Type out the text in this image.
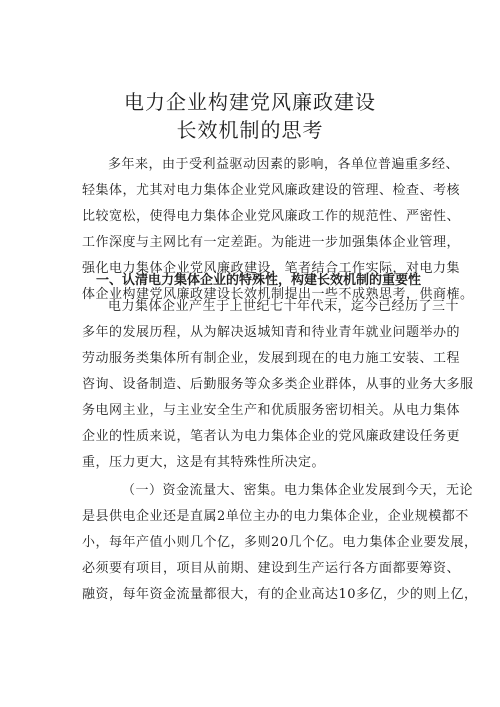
电力企业构建党风廉政建设
长效机制的思考
多年来，由于受利益驱动因素的影响，各单位普遍重多经、
轻集体，尤其对电力集体企业党风廉政建设的管理、检查、考核
比较宽松，使得电力集体企业党风廉政工作的规范性、严密性、
工作深度与主网比有一定差距。为能进一步加强集体企业管理，
强化电力集体企业党风廉政建设，笔者结合工作实际，对电力集
体企业构建党风廉政建设长效机制提出一些不成熟思考，供商榷。
一、认清电力集体企业的特殊性，构建长效机制的重要性
电力集体企业产生于上世纪七十年代末，迄今已经历了三十
多年的发展历程，从为解决返城知青和待业青年就业问题举办的
劳动服务类集体所有制企业，发展到现在的电力施工安装、工程
咨询、设备制造、后勤服务等众多类企业群体，从事的业务大多服
务电网主业，与主业安全生产和优质服务密切相关。从电力集体
企业的性质来说，笔者认为电力集体企业的党风廉政建设任务更
重，压力更大，这是有其特殊性所决定。
（一）资金流量大、密集。电力集体企业发展到今天，无论
是县供电企业还是直属2单位主办的电力集体企业，企业规模都不
小，每年产值小则几个亿，多则20几个亿。电力集体企业要发展，
必须要有项目，项目从前期、建设到生产运行各方面都要筹资、
融资，每年资金流量都很大，有的企业高达10多亿，少的则上亿，
